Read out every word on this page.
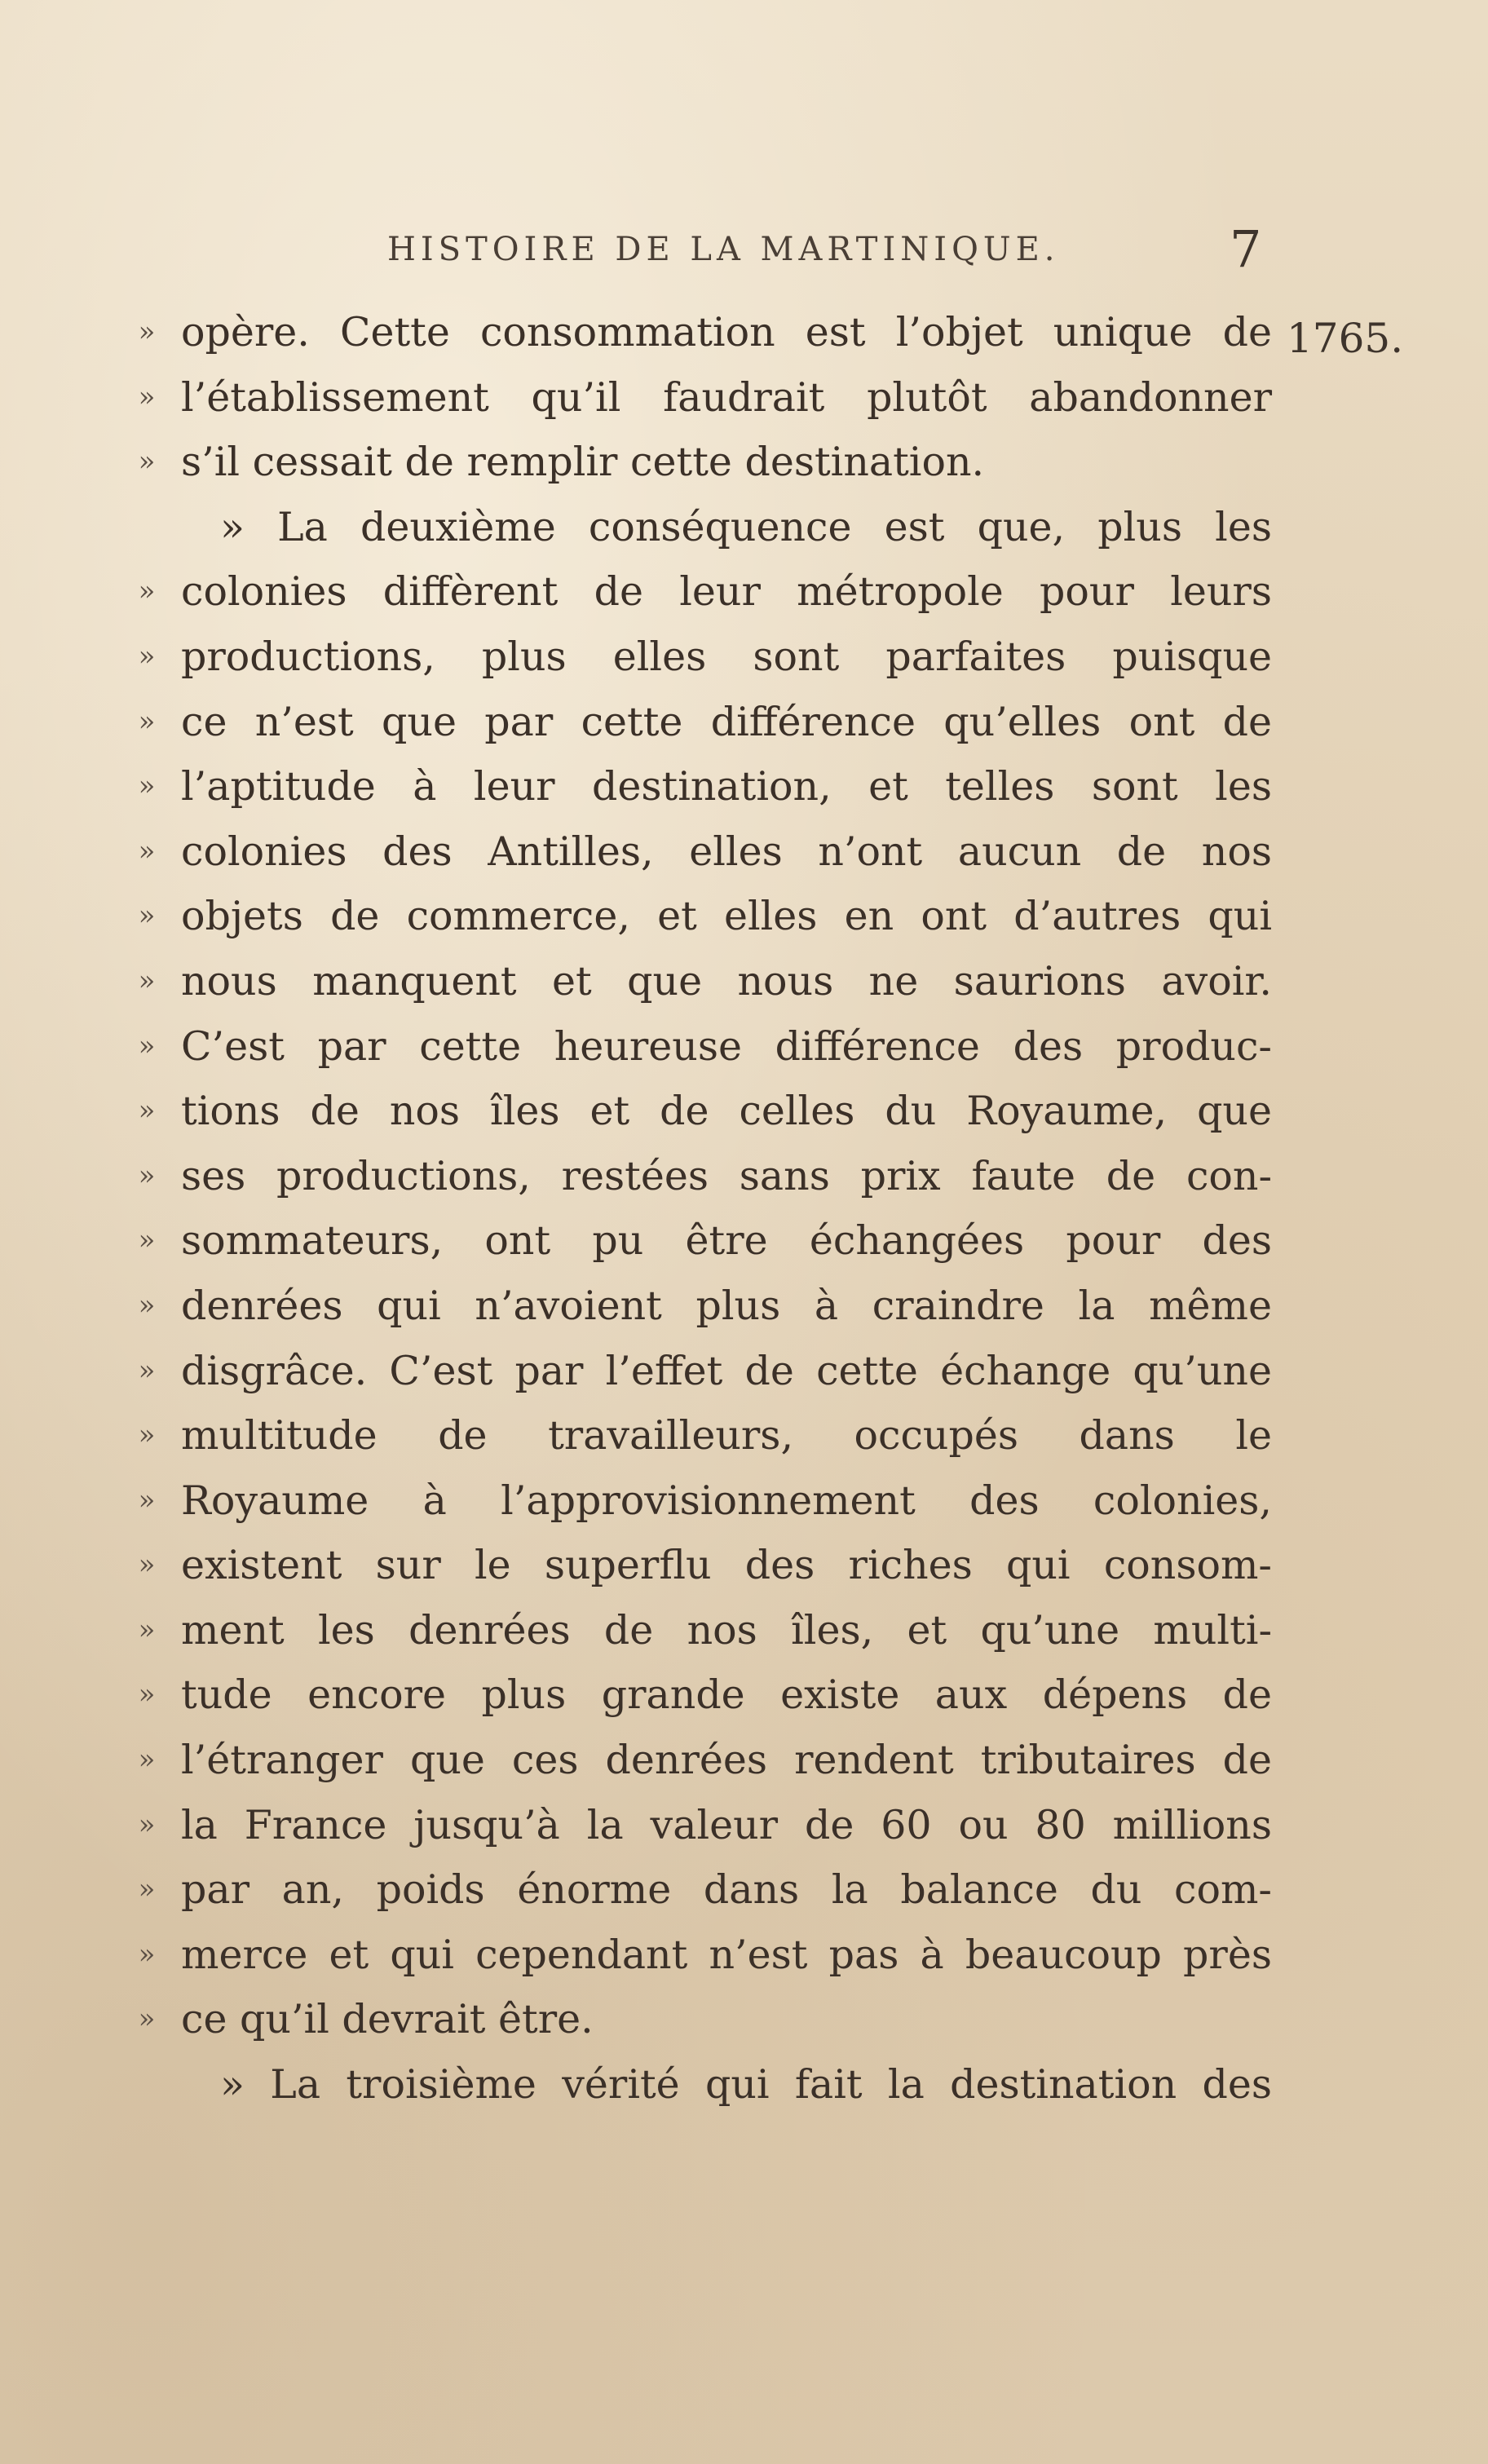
HISTOIRE DE LA MARTINIQUE.	7
1765.
» opère. Cette consommation est l’objet unique de
» l’établissement qu’il faudrait plutôt abandonner
» s’il cessait de remplir cette destination.
» La deuxième conséquence est que, plus les
» colonies diffèrent de leur métropole pour leurs
» productions, plus elles sont parfaites puisque
» ce n’est que par cette différence qu’elles ont de
» l’aptitude à leur destination, et telles sont les
» colonies des Antilles, elles n’ont aucun de nos
» objets de commerce, et elles en ont d’autres qui
» nous manquent et que nous ne saurions avoir.
» C’est par cette heureuse différence des produc-
» tions de nos îles et de celles du Royaume, que
» ses productions, restées sans prix faute de con-
» sommateurs, ont pu être échangées pour des
» denrées qui n’avoient plus à craindre la même
» disgrâce. C’est par l’effet de cette échange qu’une
» multitude de travailleurs, occupés dans le
» Royaume à l’approvisionnement des colonies,
» existent sur le superflu des riches qui consom-
» ment les denrées de nos îles, et qu’une multi-
» tude encore plus grande existe aux dépens de
» l’étranger que ces denrées rendent tributaires de
» la France jusqu’à la valeur de 60 ou 80 millions
» par an, poids énorme dans la balance du com-
» merce et qui cependant n’est pas à beaucoup près
» ce qu’il devrait être.
» La troisième vérité qui fait la destination des
